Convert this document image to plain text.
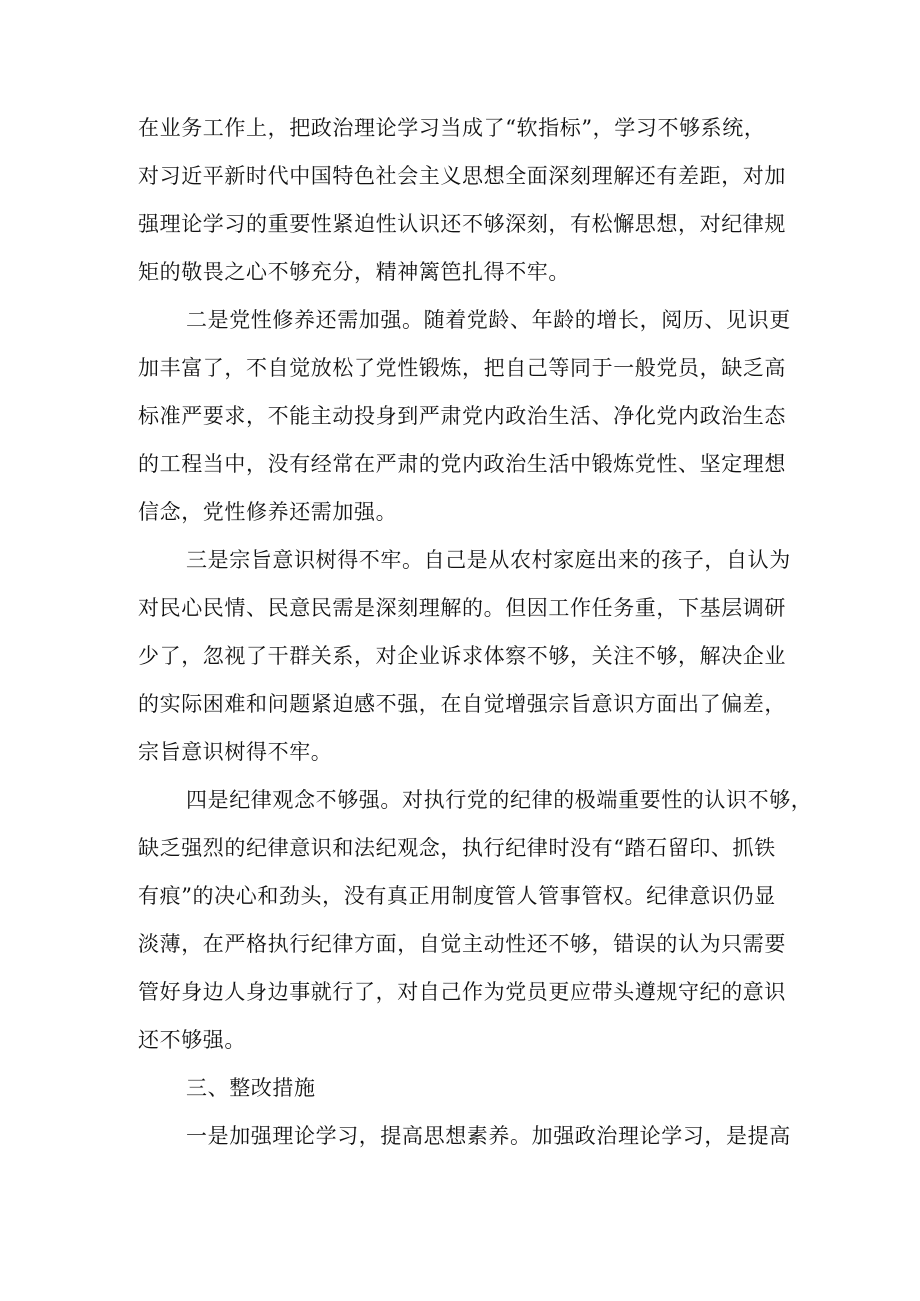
在业务工作上，把政治理论学习当成了“软指标”，学习不够系统，
对习近平新时代中国特色社会主义思想全面深刻理解还有差距，对加
强理论学习的重要性紧迫性认识还不够深刻，有松懈思想，对纪律规
矩的敬畏之心不够充分，精神篱笆扎得不牢。
二是党性修养还需加强。随着党龄、年龄的增长，阅历、见识更
加丰富了，不自觉放松了党性锻炼，把自己等同于一般党员，缺乏高
标准严要求，不能主动投身到严肃党内政治生活、净化党内政治生态
的工程当中，没有经常在严肃的党内政治生活中锻炼党性、坚定理想
信念，党性修养还需加强。
三是宗旨意识树得不牢。自己是从农村家庭出来的孩子，自认为
对民心民情、民意民需是深刻理解的。但因工作任务重，下基层调研
少了，忽视了干群关系，对企业诉求体察不够，关注不够，解决企业
的实际困难和问题紧迫感不强，在自觉增强宗旨意识方面出了偏差，
宗旨意识树得不牢。
四是纪律观念不够强。对执行党的纪律的极端重要性的认识不够，
缺乏强烈的纪律意识和法纪观念，执行纪律时没有“踏石留印、抓铁
有痕”的决心和劲头，没有真正用制度管人管事管权。纪律意识仍显
淡薄，在严格执行纪律方面，自觉主动性还不够，错误的认为只需要
管好身边人身边事就行了，对自己作为党员更应带头遵规守纪的意识
还不够强。
三、整改措施
一是加强理论学习，提高思想素养。加强政治理论学习，是提高
